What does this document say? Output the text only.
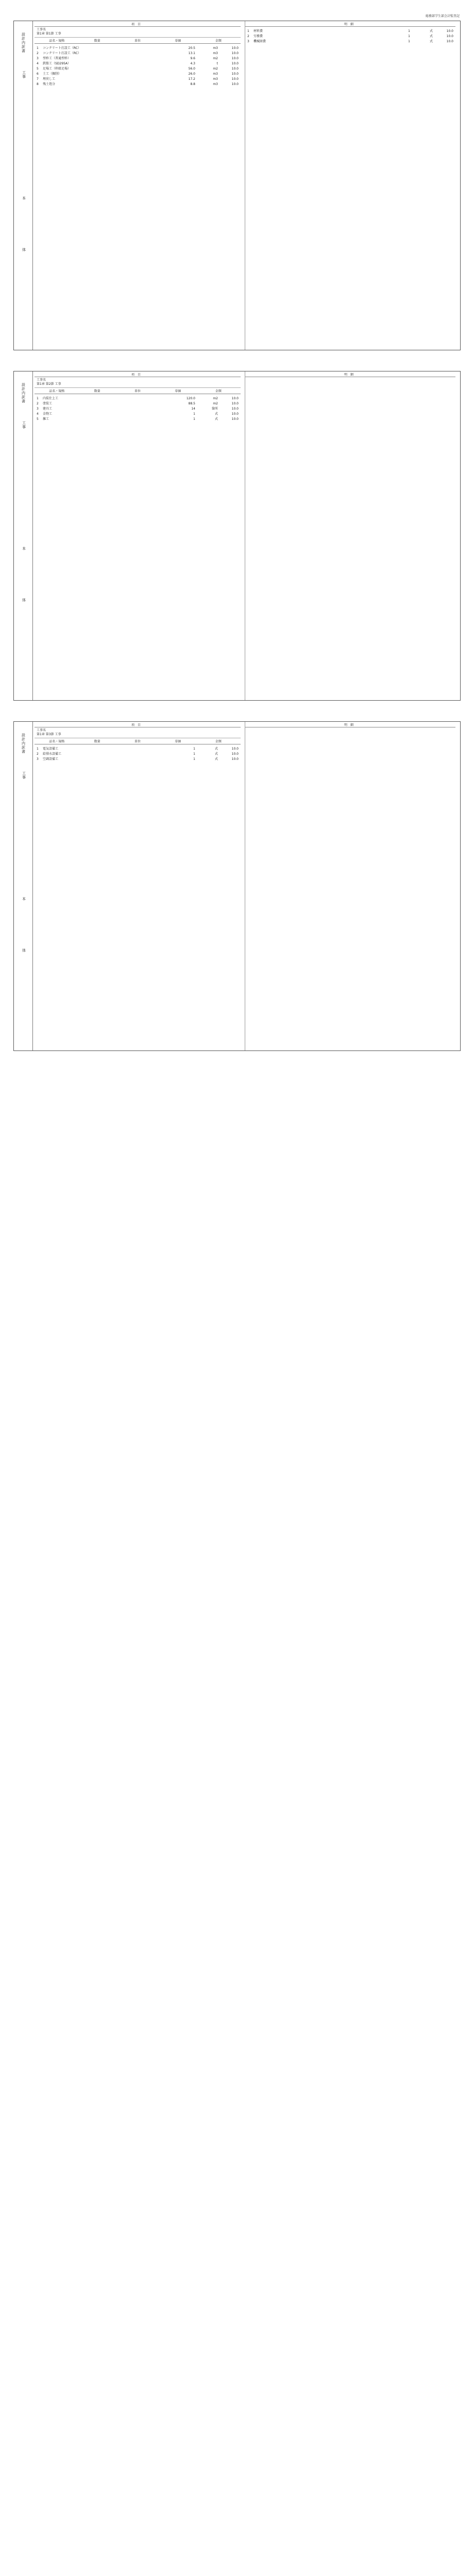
総務部学生部会計監査記
設計内訳書
工事
本
体
項目
工事名
第1章 第1節 工事
品名・規格	数量	単位	単価	金額
1	コンクリート打設工（RC）	20.5	m3	10.0
2	コンクリート打設工（RC）	13.1	m3	10.0
3	型枠工（普通型枠）	9.6	m2	10.0
4	鉄筋工（SD295A）	4.3	t	10.0
5	足場工（枠組足場）	56.0	m2	10.0
6	土工（掘削）	26.0	m3	10.0
7	埋戻し工	17.2	m3	10.0
8	残土処分	8.8	m3	10.0
明細
1	材料費	1	式	10.0
2	労務費	1	式	10.0
3	機械経費	1	式	10.0
設計内訳書
工事
本
体
項目
工事名
第1章 第2節 工事
品名・規格	数量	単位	単価	金額
1	内装仕上工	120.0	m2	10.0
2	塗装工	88.5	m2	10.0
3	建具工	14	箇所	10.0
4	金物工	1	式	10.0
5	雑工	1	式	10.0
明細
設計内訳書
工事
本
体
項目
工事名
第1章 第3節 工事
品名・規格	数量	単位	単価	金額
1	電気設備工	1	式	10.0
2	給排水設備工	1	式	10.0
3	空調設備工	1	式	10.0
明細
